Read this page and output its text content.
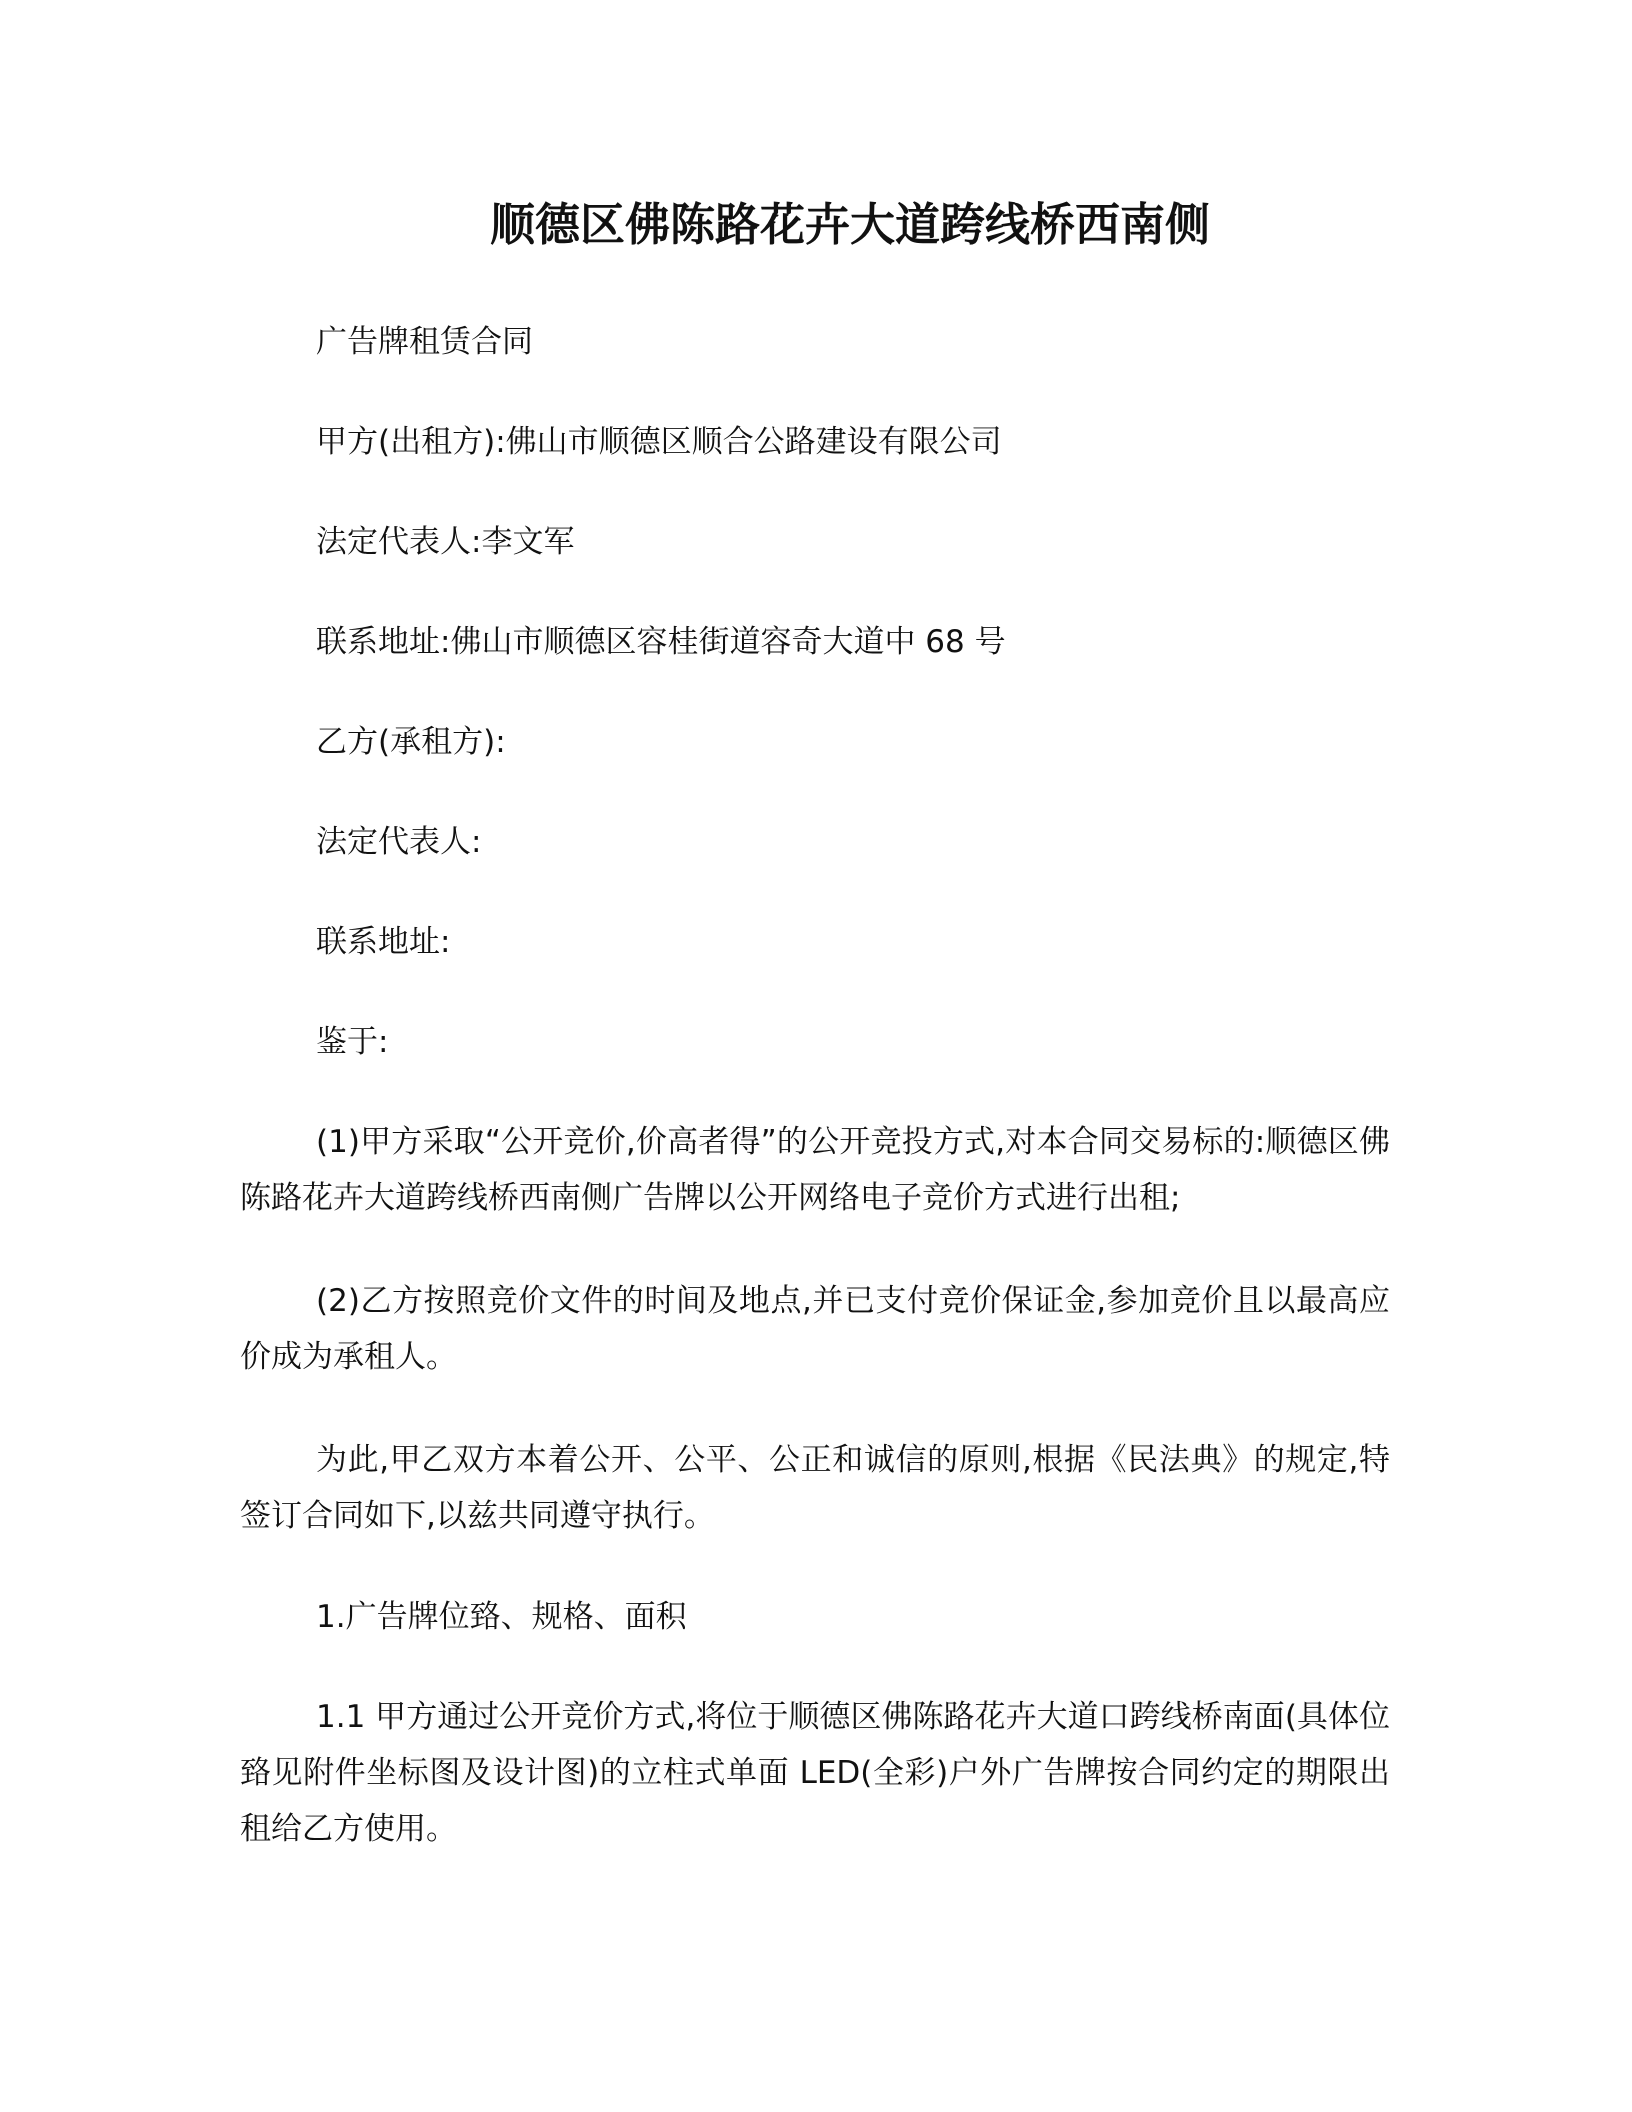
顺德区佛陈路花卉大道跨线桥西南侧
广告牌租赁合同
甲方(出租方):佛山市顺德区顺合公路建设有限公司
法定代表人:李文军
联系地址:佛山市顺德区容桂街道容奇大道中 68 号
乙方(承租方):
法定代表人:
联系地址:
鉴于:
(1)甲方采取“公开竞价,价高者得”的公开竞投方式,对本合同交易标的:顺德区佛陈路花卉大道跨线桥西南侧广告牌以公开网络电子竞价方式进行出租;
(2)乙方按照竞价文件的时间及地点,并已支付竞价保证金,参加竞价且以最高应价成为承租人。
为此,甲乙双方本着公开、公平、公正和诚信的原则,根据《民法典》的规定,特签订合同如下,以兹共同遵守执行。
1.广告牌位臵、规格、面积
1.1 甲方通过公开竞价方式,将位于顺德区佛陈路花卉大道口跨线桥南面(具体位臵见附件坐标图及设计图)的立柱式单面 LED(全彩)户外广告牌按合同约定的期限出租给乙方使用。
